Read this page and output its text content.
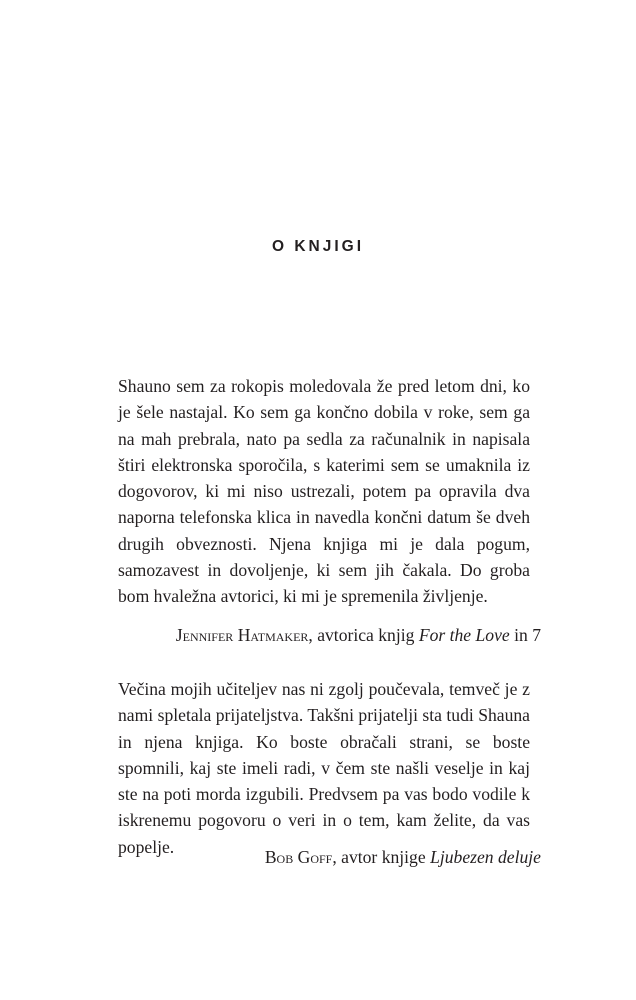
O KNJIGI

Shauno sem za rokopis moledovala že pred letom dni, ko je šele nastajal. Ko sem ga končno dobila v roke, sem ga na mah prebrala, nato pa sedla za računalnik in napisala štiri elektronska sporočila, s katerimi sem se umaknila iz dogovorov, ki mi niso ustrezali, potem pa opravila dva naporna telefonska klica in navedla končni datum še dveh drugih obveznosti. Njena knjiga mi je dala pogum, samozavest in dovoljenje, ki sem jih čakala. Do groba bom hvaležna avtorici, ki mi je spremenila življenje.

Jennifer Hatmaker, avtorica knjig For the Love in 7

Večina mojih učiteljev nas ni zgolj poučevala, temveč je z nami spletala prijateljstva. Takšni prijatelji sta tudi Shauna in njena knjiga. Ko boste obračali strani, se boste spomnili, kaj ste imeli radi, v čem ste našli veselje in kaj ste na poti morda izgubili. Predvsem pa vas bodo vodile k iskrenemu pogovoru o veri in o tem, kam želite, da vas popelje.

Bob Goff, avtor knjige Ljubezen deluje
